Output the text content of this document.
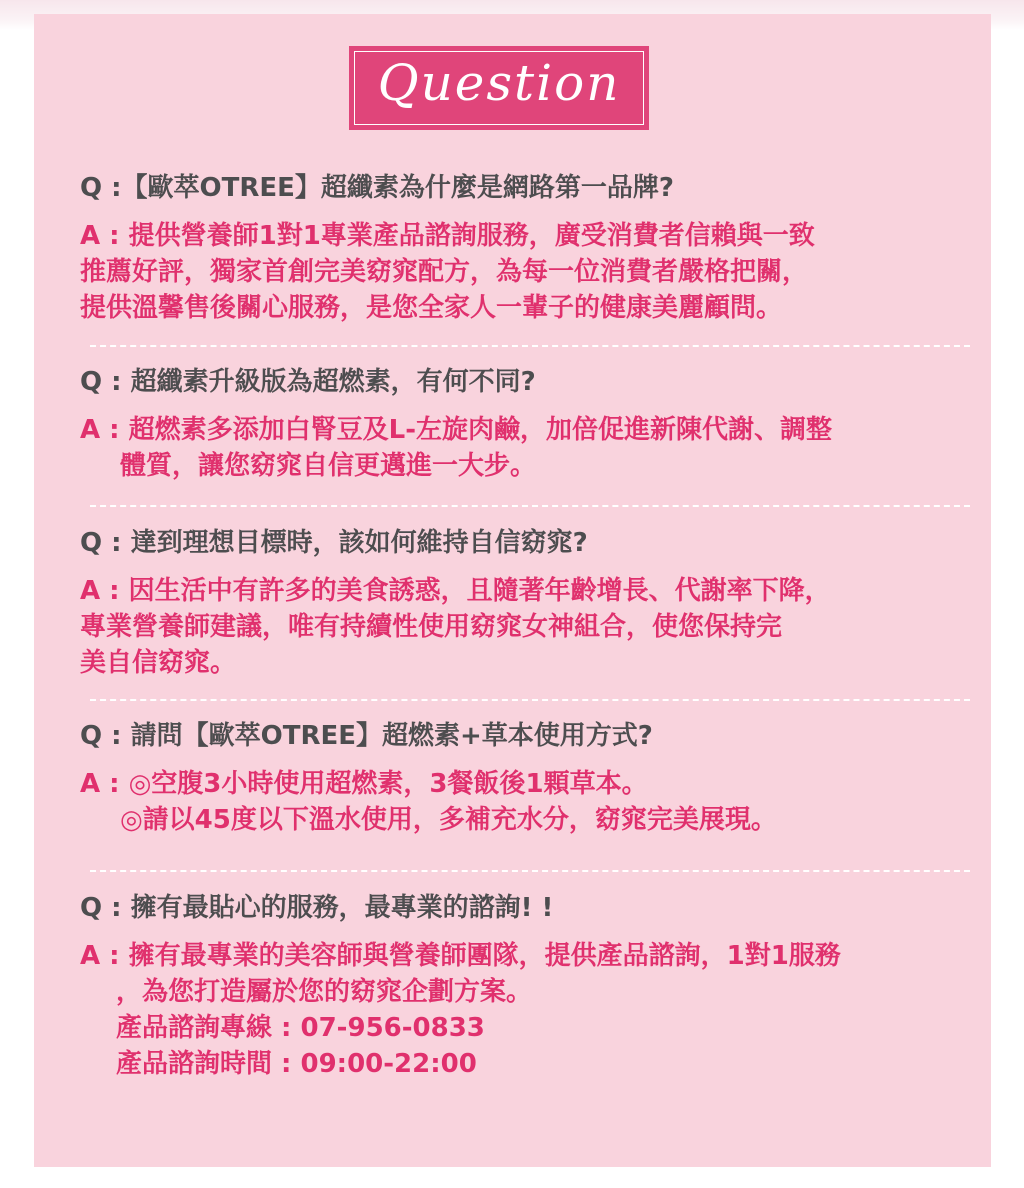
Question
Q :【歐萃OTREE】超纖素為什麼是網路第一品牌?
A : 提供營養師1對1專業產品諮詢服務，廣受消費者信賴與一致
推薦好評，獨家首創完美窈窕配方，為每一位消費者嚴格把關，
提供溫馨售後關心服務，是您全家人一輩子的健康美麗顧問。
Q : 超纖素升級版為超燃素，有何不同?
A : 超燃素多添加白腎豆及L-左旋肉鹼，加倍促進新陳代謝、調整
體質，讓您窈窕自信更邁進一大步。
Q : 達到理想目標時，該如何維持自信窈窕?
A : 因生活中有許多的美食誘惑，且隨著年齡增長、代謝率下降，
專業營養師建議，唯有持續性使用窈窕女神組合，使您保持完
美自信窈窕。
Q : 請問【歐萃OTREE】超燃素+草本使用方式?
A : ◎空腹3小時使用超燃素，3餐飯後1顆草本。
◎請以45度以下溫水使用，多補充水分，窈窕完美展現。
Q : 擁有最貼心的服務，最專業的諮詢! !
A : 擁有最專業的美容師與營養師團隊，提供產品諮詢，1對1服務
，為您打造屬於您的窈窕企劃方案。
產品諮詢專線 : 07-956-0833
產品諮詢時間 : 09:00-22:00
